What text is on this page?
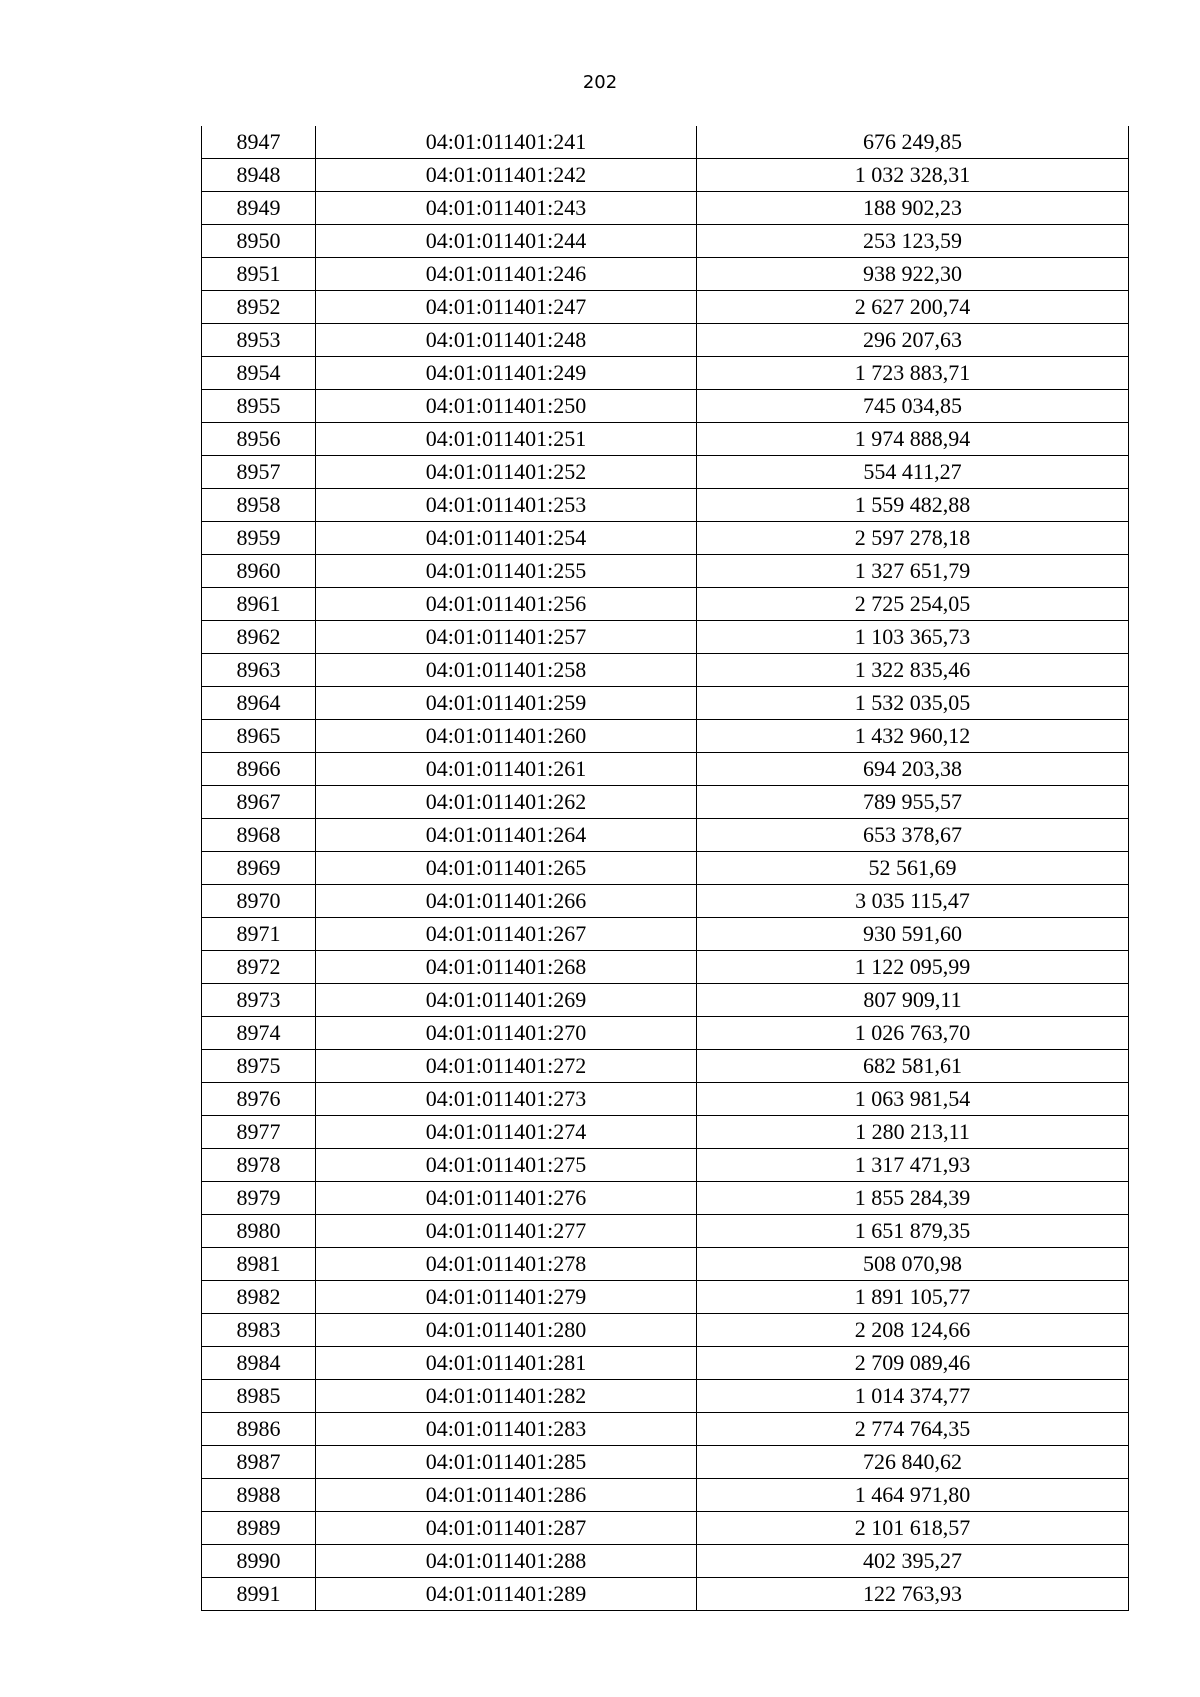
202
8947	04:01:011401:241	676 249,85
8948	04:01:011401:242	1 032 328,31
8949	04:01:011401:243	188 902,23
8950	04:01:011401:244	253 123,59
8951	04:01:011401:246	938 922,30
8952	04:01:011401:247	2 627 200,74
8953	04:01:011401:248	296 207,63
8954	04:01:011401:249	1 723 883,71
8955	04:01:011401:250	745 034,85
8956	04:01:011401:251	1 974 888,94
8957	04:01:011401:252	554 411,27
8958	04:01:011401:253	1 559 482,88
8959	04:01:011401:254	2 597 278,18
8960	04:01:011401:255	1 327 651,79
8961	04:01:011401:256	2 725 254,05
8962	04:01:011401:257	1 103 365,73
8963	04:01:011401:258	1 322 835,46
8964	04:01:011401:259	1 532 035,05
8965	04:01:011401:260	1 432 960,12
8966	04:01:011401:261	694 203,38
8967	04:01:011401:262	789 955,57
8968	04:01:011401:264	653 378,67
8969	04:01:011401:265	52 561,69
8970	04:01:011401:266	3 035 115,47
8971	04:01:011401:267	930 591,60
8972	04:01:011401:268	1 122 095,99
8973	04:01:011401:269	807 909,11
8974	04:01:011401:270	1 026 763,70
8975	04:01:011401:272	682 581,61
8976	04:01:011401:273	1 063 981,54
8977	04:01:011401:274	1 280 213,11
8978	04:01:011401:275	1 317 471,93
8979	04:01:011401:276	1 855 284,39
8980	04:01:011401:277	1 651 879,35
8981	04:01:011401:278	508 070,98
8982	04:01:011401:279	1 891 105,77
8983	04:01:011401:280	2 208 124,66
8984	04:01:011401:281	2 709 089,46
8985	04:01:011401:282	1 014 374,77
8986	04:01:011401:283	2 774 764,35
8987	04:01:011401:285	726 840,62
8988	04:01:011401:286	1 464 971,80
8989	04:01:011401:287	2 101 618,57
8990	04:01:011401:288	402 395,27
8991	04:01:011401:289	122 763,93
